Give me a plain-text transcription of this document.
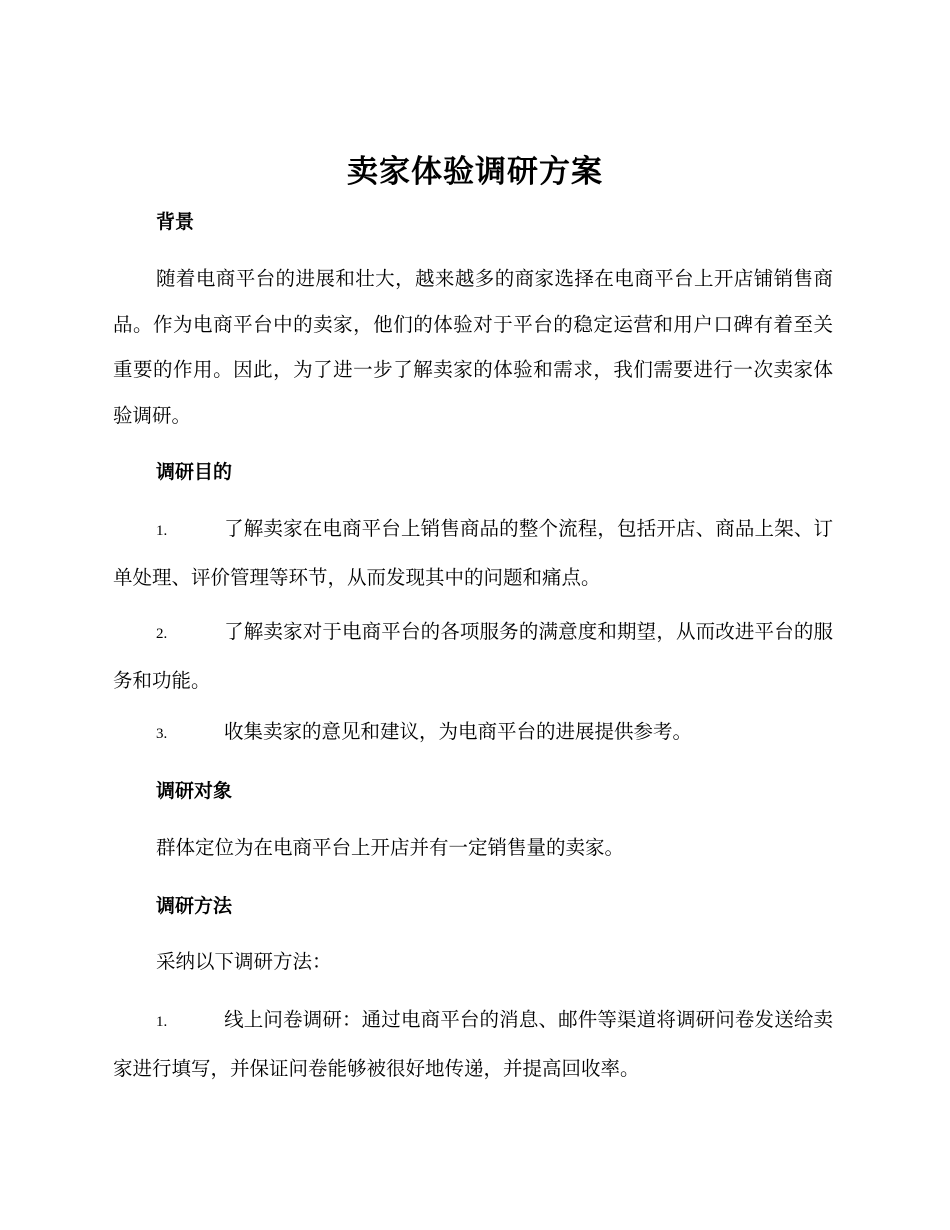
卖家体验调研方案
背景

随着电商平台的进展和壮大，越来越多的商家选择在电商平台上开店铺销售商品。作为电商平台中的卖家，他们的体验对于平台的稳定运营和用户口碑有着至关重要的作用。因此，为了进一步了解卖家的体验和需求，我们需要进行一次卖家体验调研。

调研目的

1.	了解卖家在电商平台上销售商品的整个流程，包括开店、商品上架、订单处理、评价管理等环节，从而发现其中的问题和痛点。

2.	了解卖家对于电商平台的各项服务的满意度和期望，从而改进平台的服务和功能。

3.	收集卖家的意见和建议，为电商平台的进展提供参考。

调研对象

群体定位为在电商平台上开店并有一定销售量的卖家。

调研方法

采纳以下调研方法：

1.	线上问卷调研：通过电商平台的消息、邮件等渠道将调研问卷发送给卖家进行填写，并保证问卷能够被很好地传递，并提高回收率。
